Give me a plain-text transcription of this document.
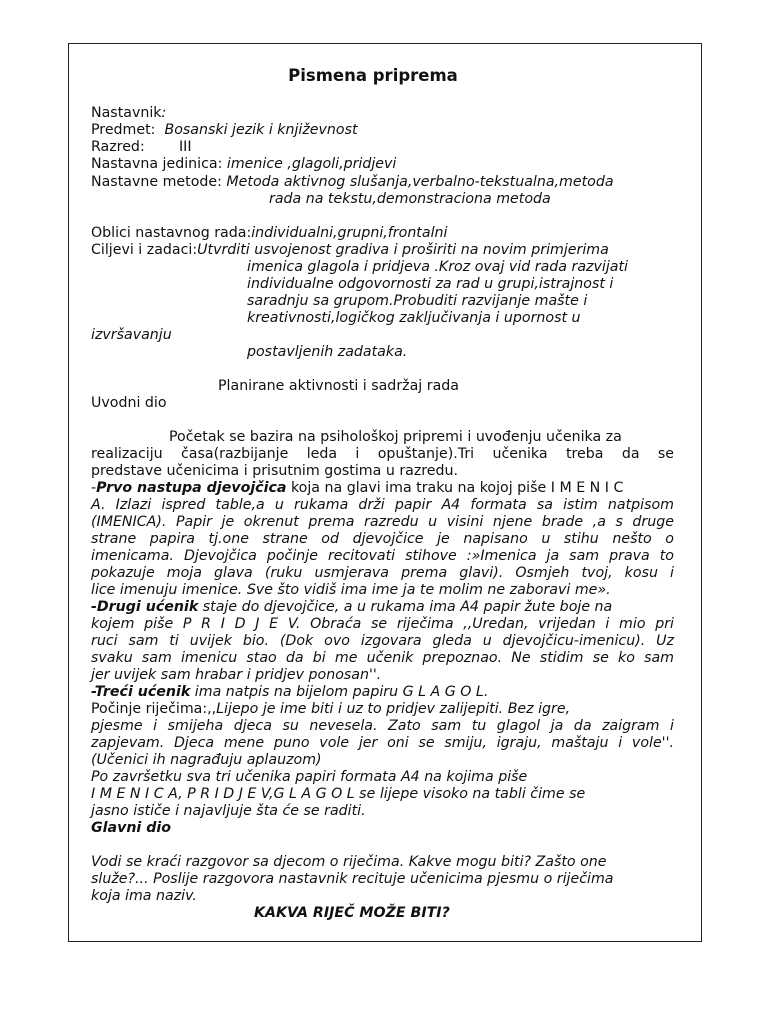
Pismena priprema
Nastavnik:
Predmet: Bosanski jezik i književnost
Razred: III
Nastavna jedinica: imenice ,glagoli,pridjevi
Nastavne metode: Metoda aktivnog slušanja,verbalno-tekstualna,metoda
rada na tekstu,demonstraciona metoda
Oblici nastavnog rada:individualni,grupni,frontalni
Ciljevi i zadaci:Utvrditi usvojenost gradiva i proširiti na novim primjerima
imenica glagola i pridjeva .Kroz ovaj vid rada razvijati
individualne odgovornosti za rad u grupi,istrajnost i
saradnju sa grupom.Probuditi razvijanje mašte i
kreativnosti,logičkog zaključivanja i upornost u
izvršavanju
postavljenih zadataka.
Planirane aktivnosti i sadržaj rada
Uvodni dio
Početak se bazira na psihološkoj pripremi i uvođenju učenika za
realizaciju časa(razbijanje leda i opuštanje).Tri učenika treba da se
predstave učenicima i prisutnim gostima u razredu.
-Prvo nastupa djevojčica koja na glavi ima traku na kojoj piše I M E N I C
A. Izlazi ispred table,a u rukama drži papir A4 formata sa istim natpisom
(IMENICA). Papir je okrenut prema razredu u visini njene brade ,a s druge
strane papira tj.one strane od djevojčice je napisano u stihu nešto o
imenicama. Djevojčica počinje recitovati stihove :»Imenica ja sam prava to
pokazuje moja glava (ruku usmjerava prema glavi). Osmjeh tvoj, kosu i
lice imenuju imenice. Sve što vidiš ima ime ja te molim ne zaboravi me».
-Drugi ućenik staje do djevojčice, a u rukama ima A4 papir žute boje na
kojem piše P R I D J E V. Obraća se riječima ,,Uredan, vrijedan i mio pri
ruci sam ti uvijek bio. (Dok ovo izgovara gleda u djevojčicu-imenicu). Uz
svaku sam imenicu stao da bi me učenik prepoznao. Ne stidim se ko sam
jer uvijek sam hrabar i pridjev ponosan''.
-Treći ućenik ima natpis na bijelom papiru G L A G O L.
Počinje riječima:,,Lijepo je ime biti i uz to pridjev zalijepiti. Bez igre,
pjesme i smijeha djeca su nevesela. Zato sam tu glagol ja da zaigram i
zapjevam. Djeca mene puno vole jer oni se smiju, igraju, maštaju i vole''.
(Učenici ih nagrađuju aplauzom)
Po završetku sva tri učenika papiri formata A4 na kojima piše
I M E N I C A, P R I D J E V,G L A G O L se lijepe visoko na tabli čime se
jasno ističe i najavljuje šta će se raditi.
Glavni dio
Vodi se kraći razgovor sa djecom o riječima. Kakve mogu biti? Zašto one
služe?... Poslije razgovora nastavnik recituje učenicima pjesmu o riječima
koja ima naziv.
KAKVA RIJEČ MOŽE BITI?
